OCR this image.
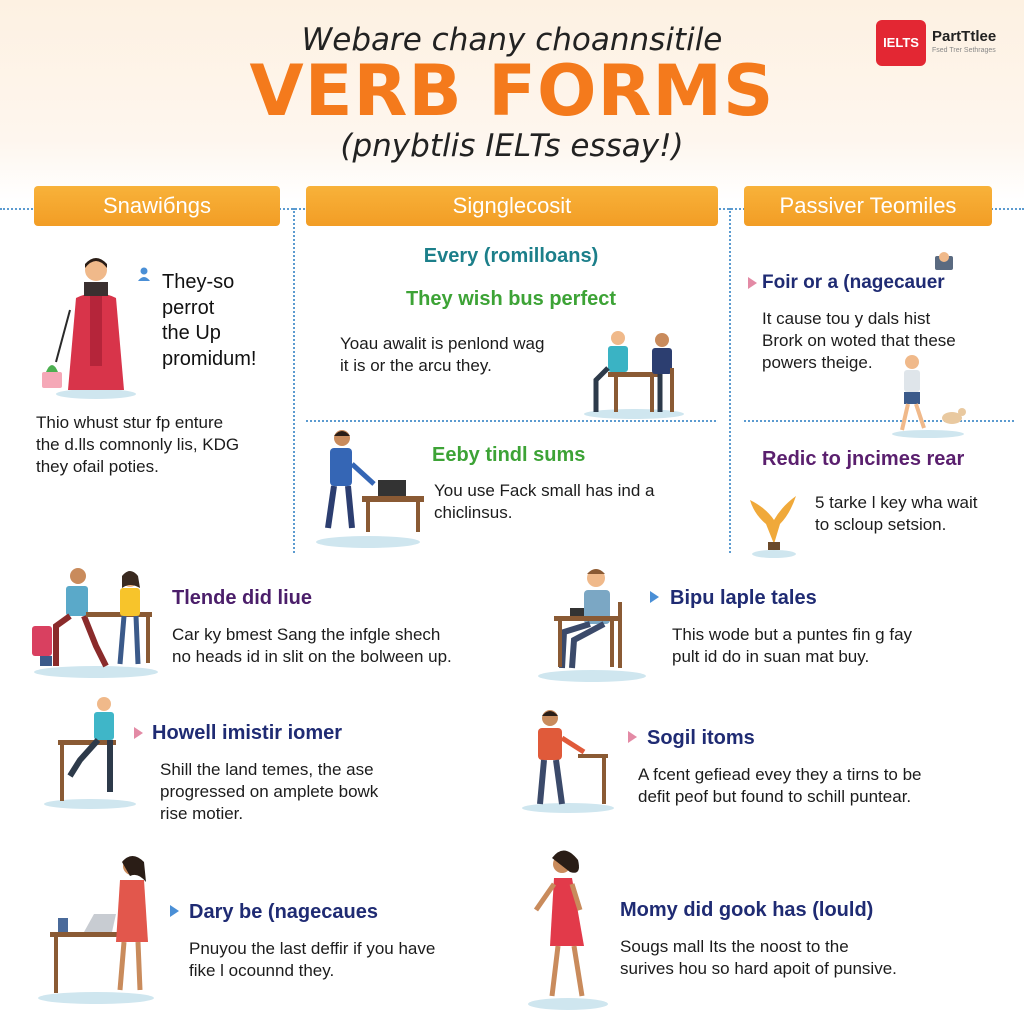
Webare chany choannsitile
VERB FORMS
(pnybtlis IELTs essay!)
IELTS PartTtlee
Fsed Trer Sethrages
Snawiбngs	Signglecosit	Passiver Teomiles
They-so
perrot
the Up
promidum!
Thio whust stur fp enture
the d.lls comnonly lis, KDG
they ofail poties.
Every (romilloans)
They wish bus perfect
Yoau awalit is penlond wag
it is or the arcu they.
Eeby tindl sums
You use Fack small has ind a
chiclinsus.
Foir or a (nagecauer
It cause tou y dals hist
Brork on woted that these
powers theige.
Redic to jncimes rear
5 tarke l key wha wait
to scloup setsion.
Tlende did liue
Car ky bmest Sang the infgle shech
no heads id in slit on the bolween up.
Bipu laple tales
This wode but a puntes fin g fay
pult id do in suan mat buy.
Howell imistir iomer
Shill the land temes, the ase
progressed on amplete bowk
rise motier.
Sogil itoms
A fcent gefiead evey they a tirns to be
defit peof but found to schill puntear.
Dary be (nagecaues
Pnuyou the last deffir if you have
fike l ocounnd they.
Momy did gook has (lould)
Sougs mall Its the noost to the
surives hou so hard apoit of punsive.
